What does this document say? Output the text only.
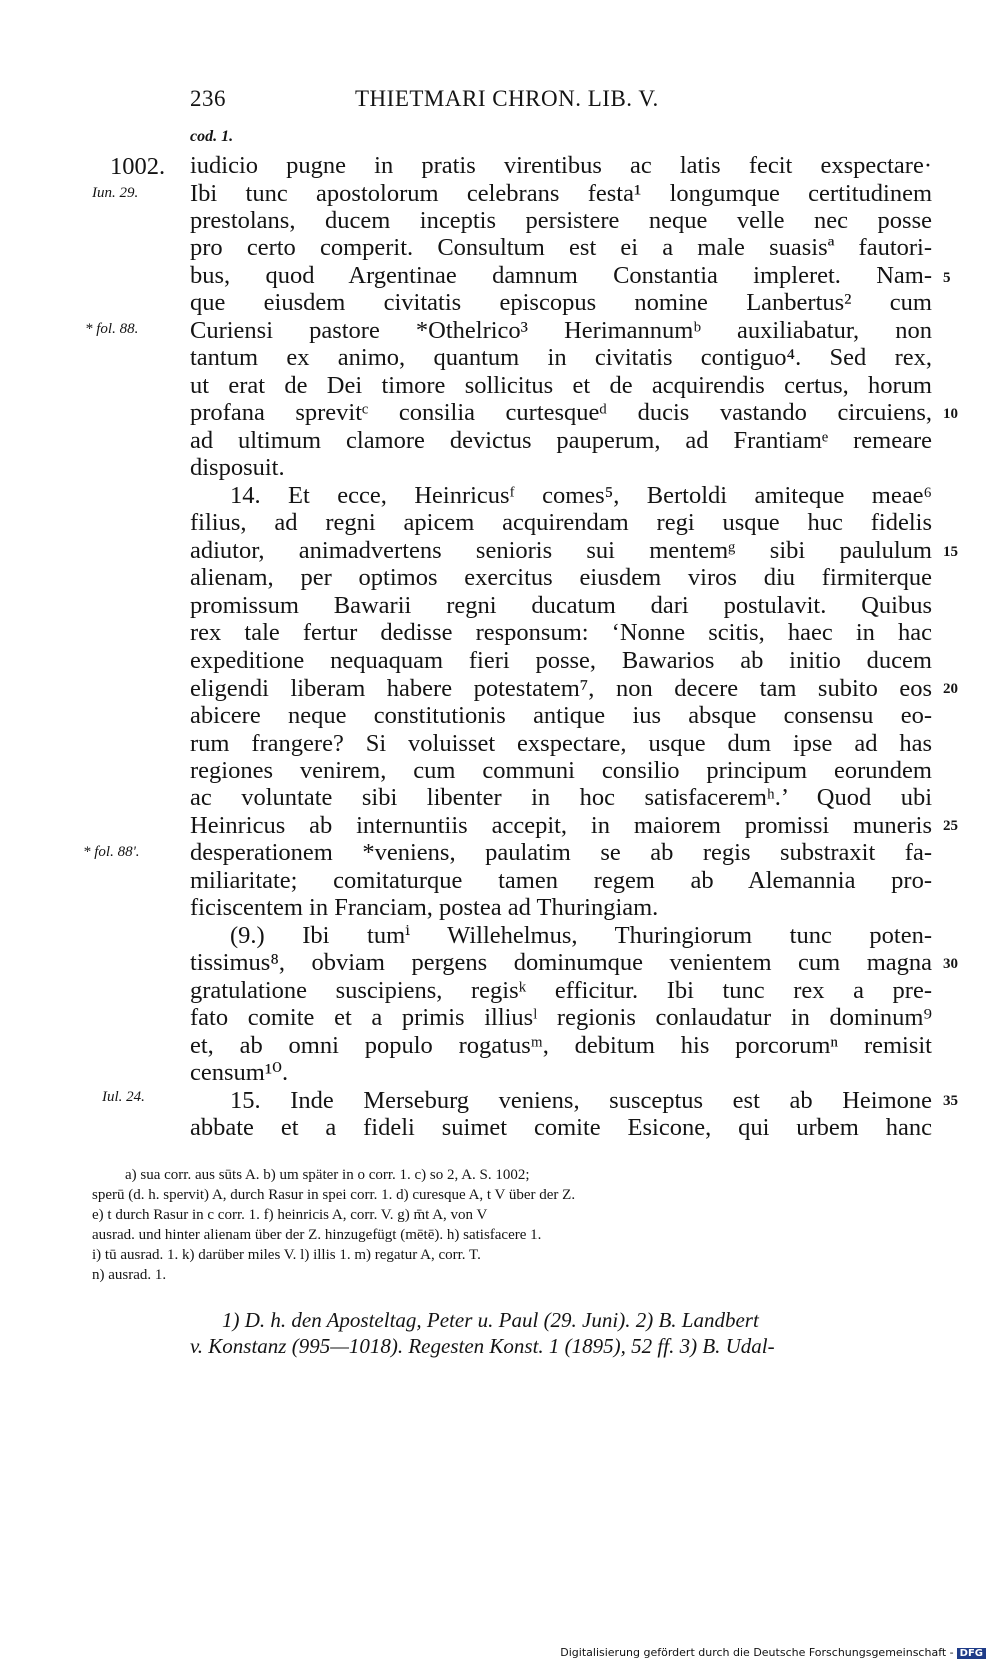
236	THIETMARI CHRON. LIB. V.
cod. 1.
1002.
Iun. 29.
* fol. 88.
* fol. 88'.
Iul. 24.
iudicio pugne in pratis virentibus ac latis fecit exspectare·
Ibi tunc apostolorum celebrans festa¹ longumque certitudinem
prestolans, ducem inceptis persistere neque velle nec posse
pro certo comperit. Consultum est ei a male suasisª fautori-
bus, quod Argentinae damnum Constantia impleret. Nam-
que eiusdem civitatis episcopus nomine Lanbertus² cum
Curiensi pastore *Othelrico³ Herimannumᵇ auxiliabatur, non
tantum ex animo, quantum in civitatis contiguo⁴. Sed rex,
ut erat de Dei timore sollicitus et de acquirendis certus, horum
profana sprevitᶜ consilia curtesqueᵈ ducis vastando circuiens,
ad ultimum clamore devictus pauperum, ad Frantiamᵉ remeare
disposuit.
14. Et ecce, Heinricusᶠ comes⁵, Bertoldi amiteque meae⁶
filius, ad regni apicem acquirendam regi usque huc fidelis
adiutor, animadvertens senioris sui mentemᵍ sibi paululum
alienam, per optimos exercitus eiusdem viros diu firmiterque
promissum Bawarii regni ducatum dari postulavit. Quibus
rex tale fertur dedisse responsum: ‘Nonne scitis, haec in hac
expeditione nequaquam fieri posse, Bawarios ab initio ducem
eligendi liberam habere potestatem⁷, non decere tam subito eos
abicere neque constitutionis antique ius absque consensu eo-
rum frangere? Si voluisset exspectare, usque dum ipse ad has
regiones venirem, cum communi consilio principum eorundem
ac voluntate sibi libenter in hoc satisfaceremʰ.’ Quod ubi
Heinricus ab internuntiis accepit, in maiorem promissi muneris
desperationem *veniens, paulatim se ab regis substraxit fa-
miliaritate; comitaturque tamen regem ab Alemannia pro-
ficiscentem in Franciam, postea ad Thuringiam.
(9.) Ibi tumⁱ Willehelmus, Thuringiorum tunc poten-
tissimus⁸, obviam pergens dominumque venientem cum magna
gratulatione suscipiens, regisᵏ efficitur. Ibi tunc rex a pre-
fato comite et a primis illiusˡ regionis conlaudatur in dominum⁹
et, ab omni populo rogatusᵐ, debitum his porcorumⁿ remisit
censum¹⁰.
15. Inde Merseburg veniens, susceptus est ab Heimone
abbate et a fideli suimet comite Esicone, qui urbem hanc
5
10
15
20
25
30
35
a) sua corr. aus sūts A. b) um später in o corr. 1. c) so 2, A. S. 1002;
sperū (d. h. spervit) A, durch Rasur in spei corr. 1. d) curesque A, t V über der Z.
e) t durch Rasur in c corr. 1. f) heinricis A, corr. V. g) m̄t A, von V
ausrad. und hinter alienam über der Z. hinzugefügt (mētē). h) satisfacere 1.
i) tū ausrad. 1. k) darüber miles V. l) illis 1. m) regatur A, corr. T.
n) ausrad. 1.
1) D. h. den Aposteltag, Peter u. Paul (29. Juni). 2) B. Landbert
v. Konstanz (995—1018). Regesten Konst. 1 (1895), 52 ff. 3) B. Udal-
Digitalisierung gefördert durch die Deutsche Forschungsgemeinschaft - DFG
